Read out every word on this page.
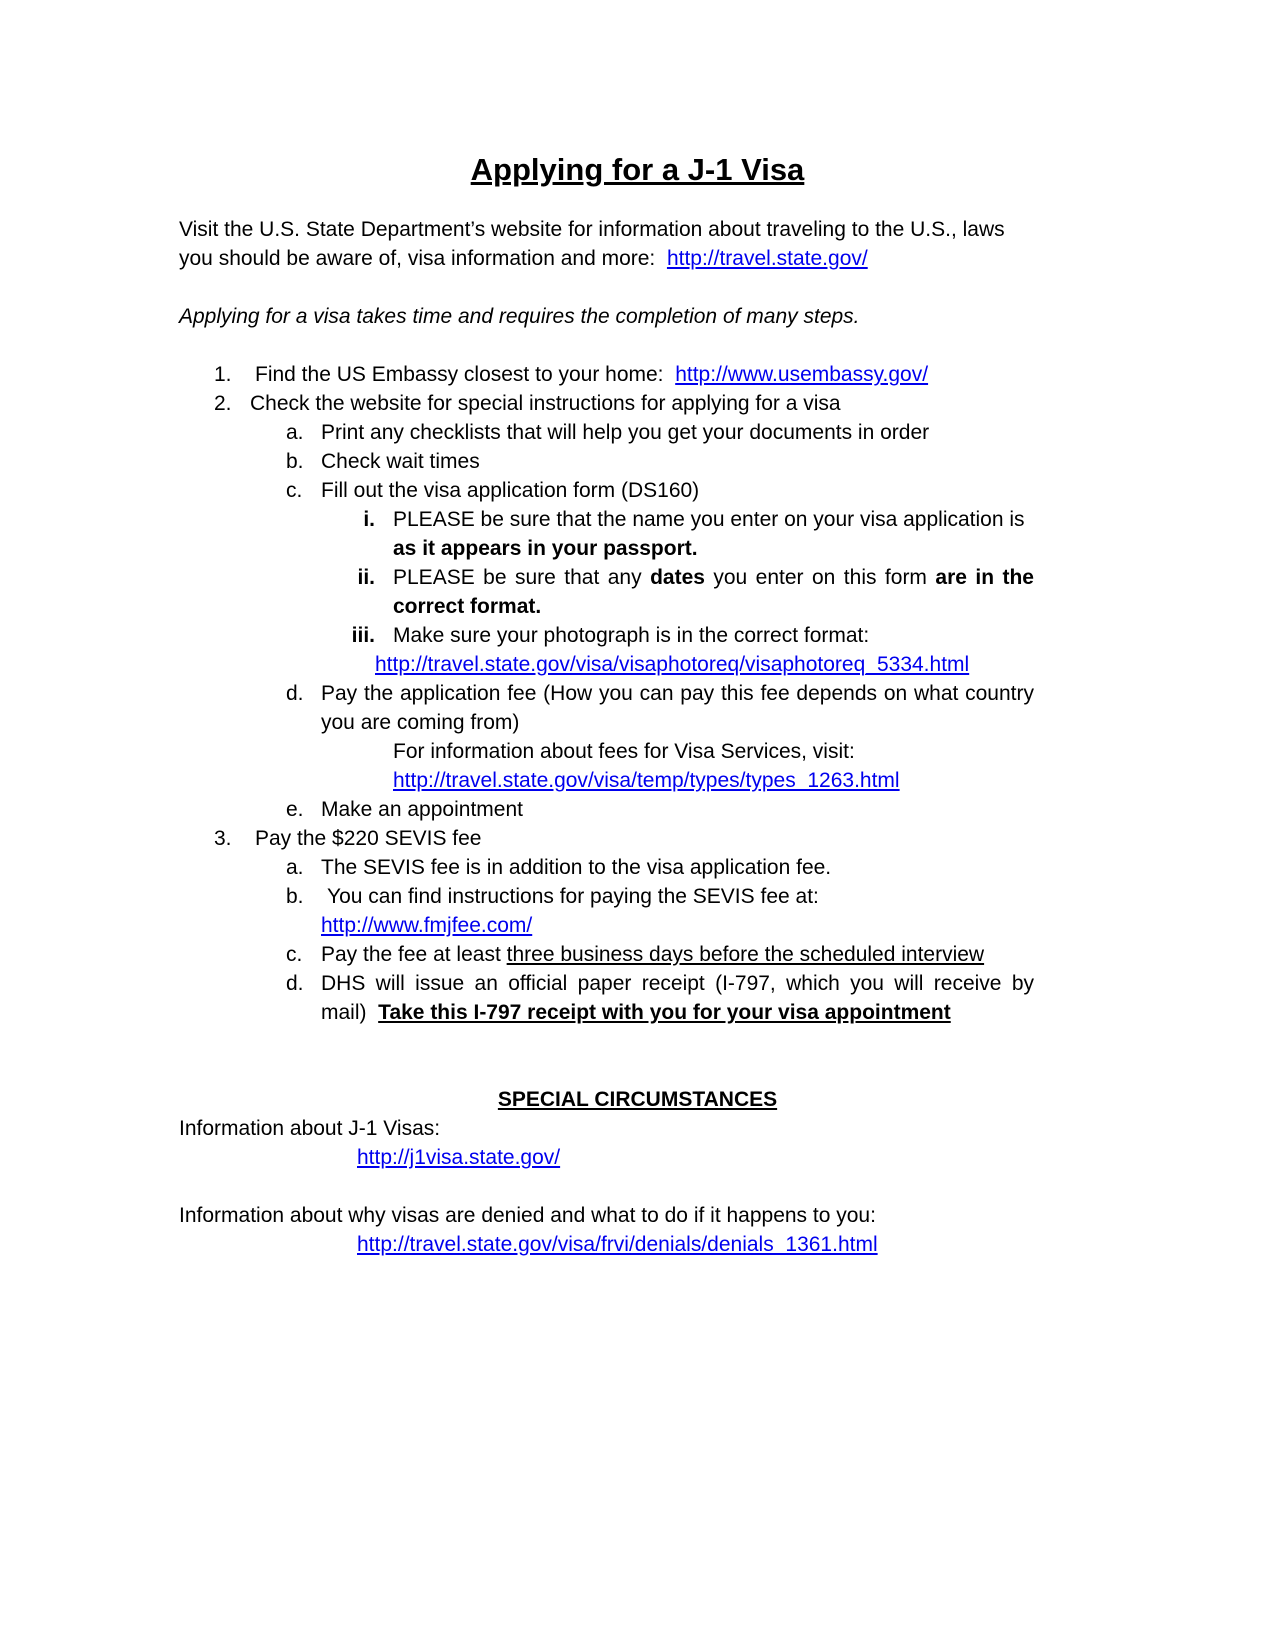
Applying for a J-1 Visa
Visit the U.S. State Department’s website for information about traveling to the U.S., laws
you should be aware of, visa information and more: http://travel.state.gov/
Applying for a visa takes time and requires the completion of many steps.
1. Find the US Embassy closest to your home: http://www.usembassy.gov/
2. Check the website for special instructions for applying for a visa
a. Print any checklists that will help you get your documents in order
b. Check wait times
c. Fill out the visa application form (DS160)
i. PLEASE be sure that the name you enter on your visa application is
as it appears in your passport.
ii. PLEASE be sure that any dates you enter on this form are in the
correct format.
iii. Make sure your photograph is in the correct format:
http://travel.state.gov/visa/visaphotoreq/visaphotoreq_5334.html
d. Pay the application fee (How you can pay this fee depends on what country
you are coming from)
For information about fees for Visa Services, visit:
http://travel.state.gov/visa/temp/types/types_1263.html
e. Make an appointment
3. Pay the $220 SEVIS fee
a. The SEVIS fee is in addition to the visa application fee.
b. You can find instructions for paying the SEVIS fee at:
http://www.fmjfee.com/
c. Pay the fee at least three business days before the scheduled interview
d. DHS will issue an official paper receipt (I-797, which you will receive by
mail) Take this I-797 receipt with you for your visa appointment
SPECIAL CIRCUMSTANCES
Information about J-1 Visas:
http://j1visa.state.gov/
Information about why visas are denied and what to do if it happens to you:
http://travel.state.gov/visa/frvi/denials/denials_1361.html
